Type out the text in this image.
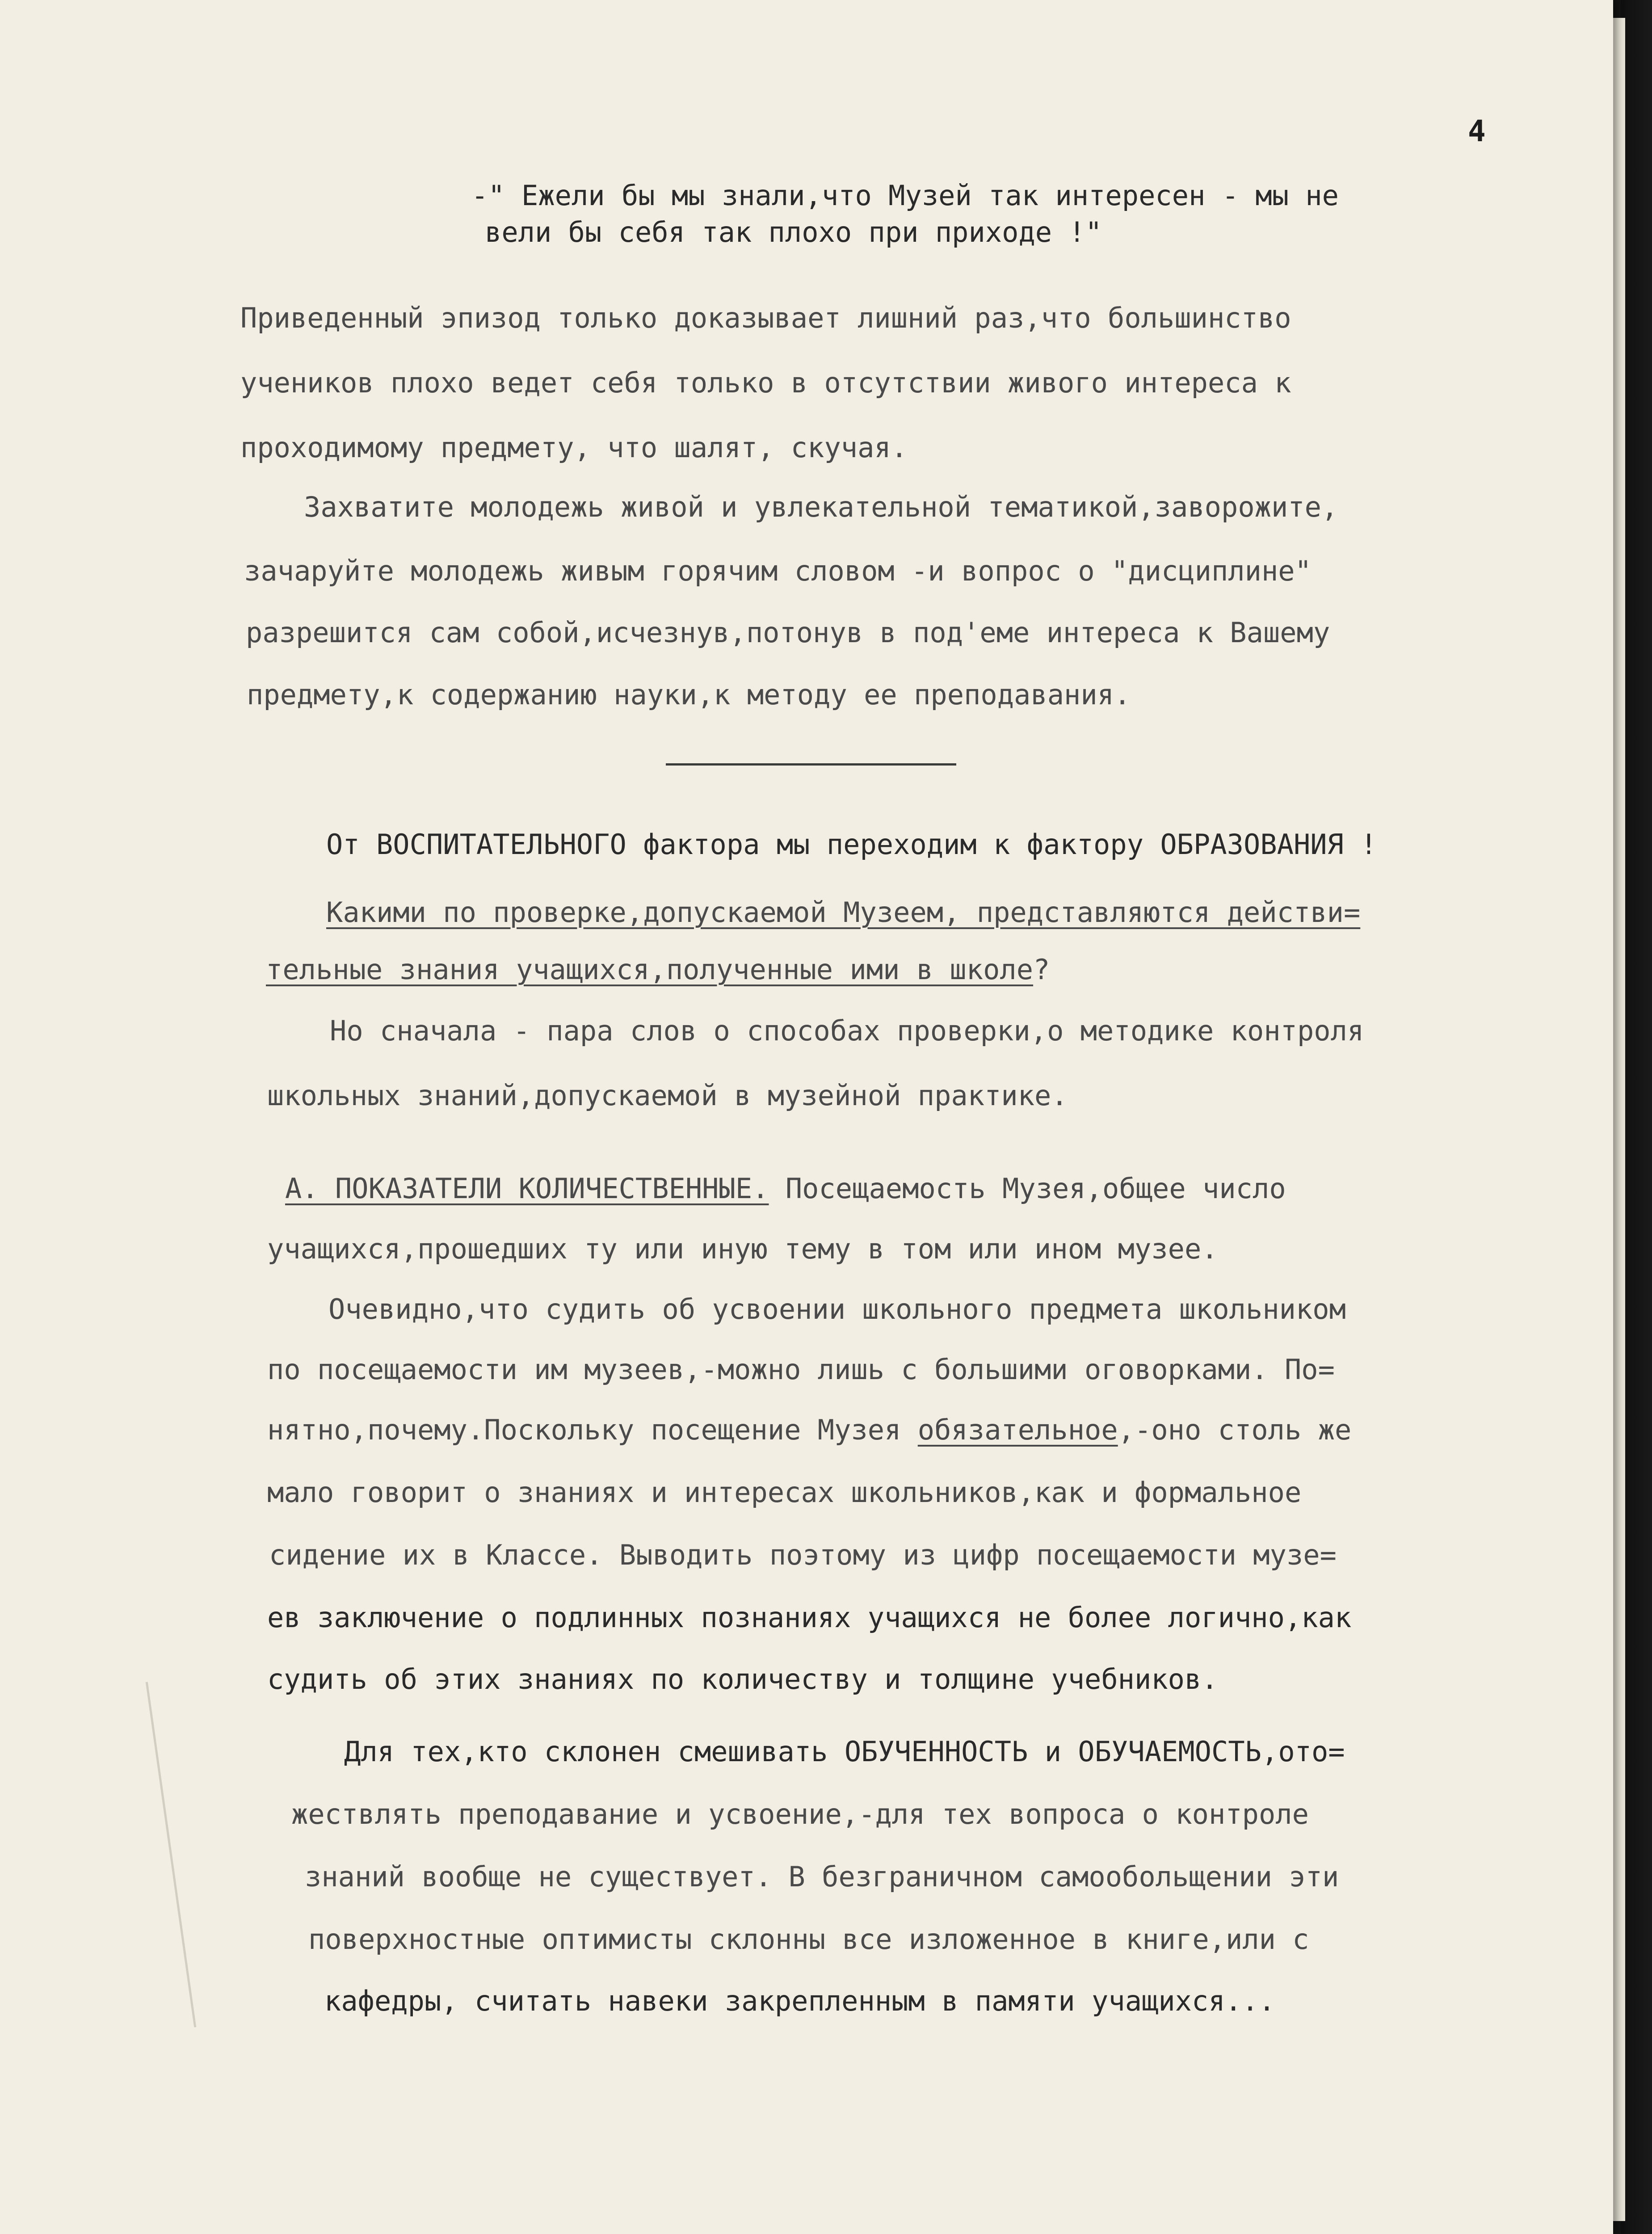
4
-" Ежели бы мы знали,что Музей так интересен - мы не
вели бы себя так плохо при приходе !"
Приведенный эпизод только доказывает лишний раз,что большинство
учеников плохо ведет себя только в отсутствии живого интереса к
проходимому предмету, что шалят, скучая.
Захватите молодежь живой и увлекательной тематикой,заворожите,
зачаруйте молодежь живым горячим словом -и вопрос о "дисциплине"
разрешится сам собой,исчезнув,потонув в под'еме интереса к Вашему
предмету,к содержанию науки,к методу ее преподавания.
От ВОСПИТАТЕЛЬНОГО фактора мы переходим к фактору ОБРАЗОВАНИЯ !
Какими по проверке,допускаемой Музеем, представляются действи=
тельные знания учащихся,полученные ими в школе?
Но сначала - пара слов о способах проверки,о методике контроля
школьных знаний,допускаемой в музейной практике.
А. ПОКАЗАТЕЛИ КОЛИЧЕСТВЕННЫЕ. Посещаемость Музея,общее число
учащихся,прошедших ту или иную тему в том или ином музее.
Очевидно,что судить об усвоении школьного предмета школьником
по посещаемости им музеев,-можно лишь с большими оговорками. По=
нятно,почему.Поскольку посещение Музея обязательное,-оно столь же
мало говорит о знаниях и интересах школьников,как и формальное
сидение их в Классе. Выводить поэтому из цифр посещаемости музе=
ев заключение о подлинных познаниях учащихся не более логично,как
судить об этих знаниях по количеству и толщине учебников.
Для тех,кто склонен смешивать ОБУЧЕННОСТЬ и ОБУЧАЕМОСТЬ,ото=
жествлять преподавание и усвоение,-для тех вопроса о контроле
знаний вообще не существует. В безграничном самообольщении эти
поверхностные оптимисты склонны все изложенное в книге,или с
кафедры, считать навеки закрепленным в памяти учащихся...
